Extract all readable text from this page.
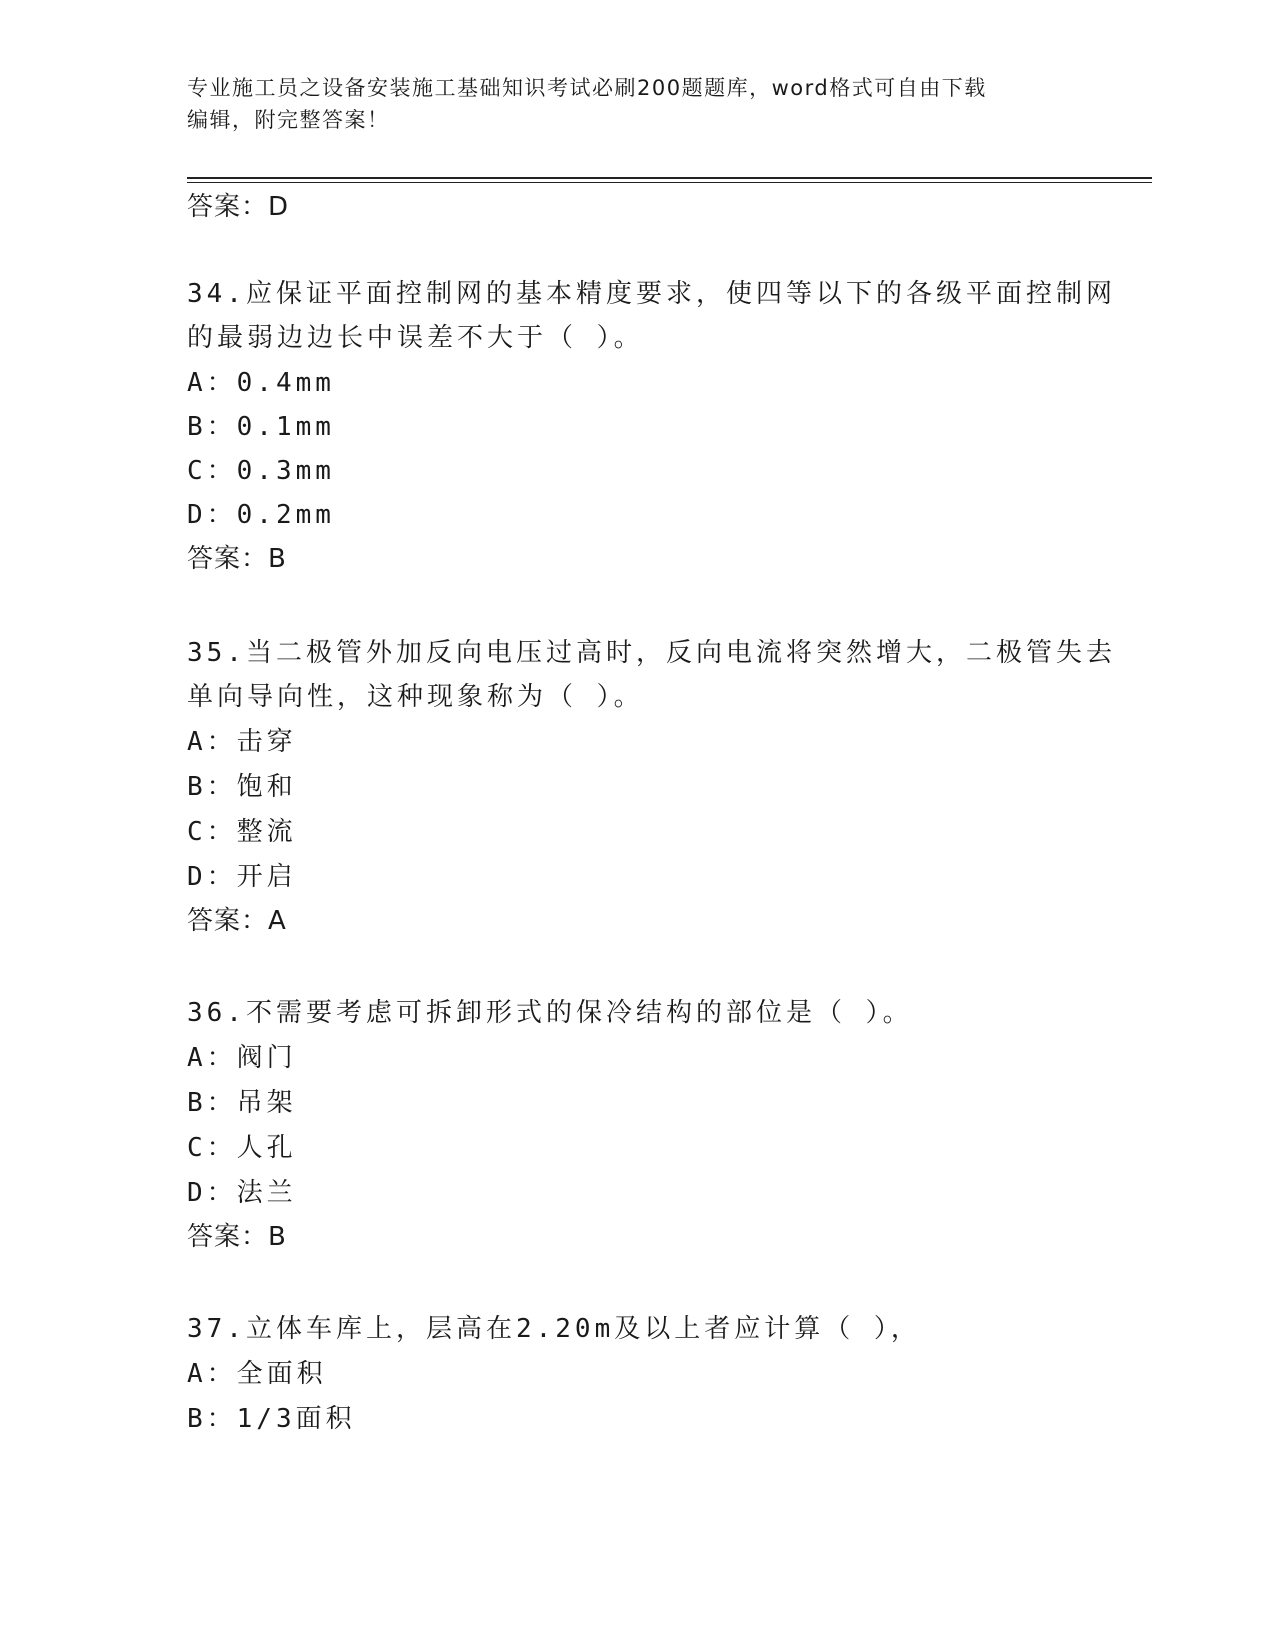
专业施工员之设备安装施工基础知识考试必刷200题题库，word格式可自由下载
编辑，附完整答案！
答案：D
34.应保证平面控制网的基本精度要求，使四等以下的各级平面控制网
的最弱边边长中误差不大于（ ）。
A：0.4mm
B：0.1mm
C：0.3mm
D：0.2mm
答案：B
35.当二极管外加反向电压过高时，反向电流将突然增大，二极管失去
单向导向性，这种现象称为（ ）。
A：击穿
B：饱和
C：整流
D：开启
答案：A
36.不需要考虑可拆卸形式的保冷结构的部位是（ ）。
A：阀门
B：吊架
C：人孔
D：法兰
答案：B
37.立体车库上，层高在2.20m及以上者应计算（ ），
A：全面积
B：1/3面积
